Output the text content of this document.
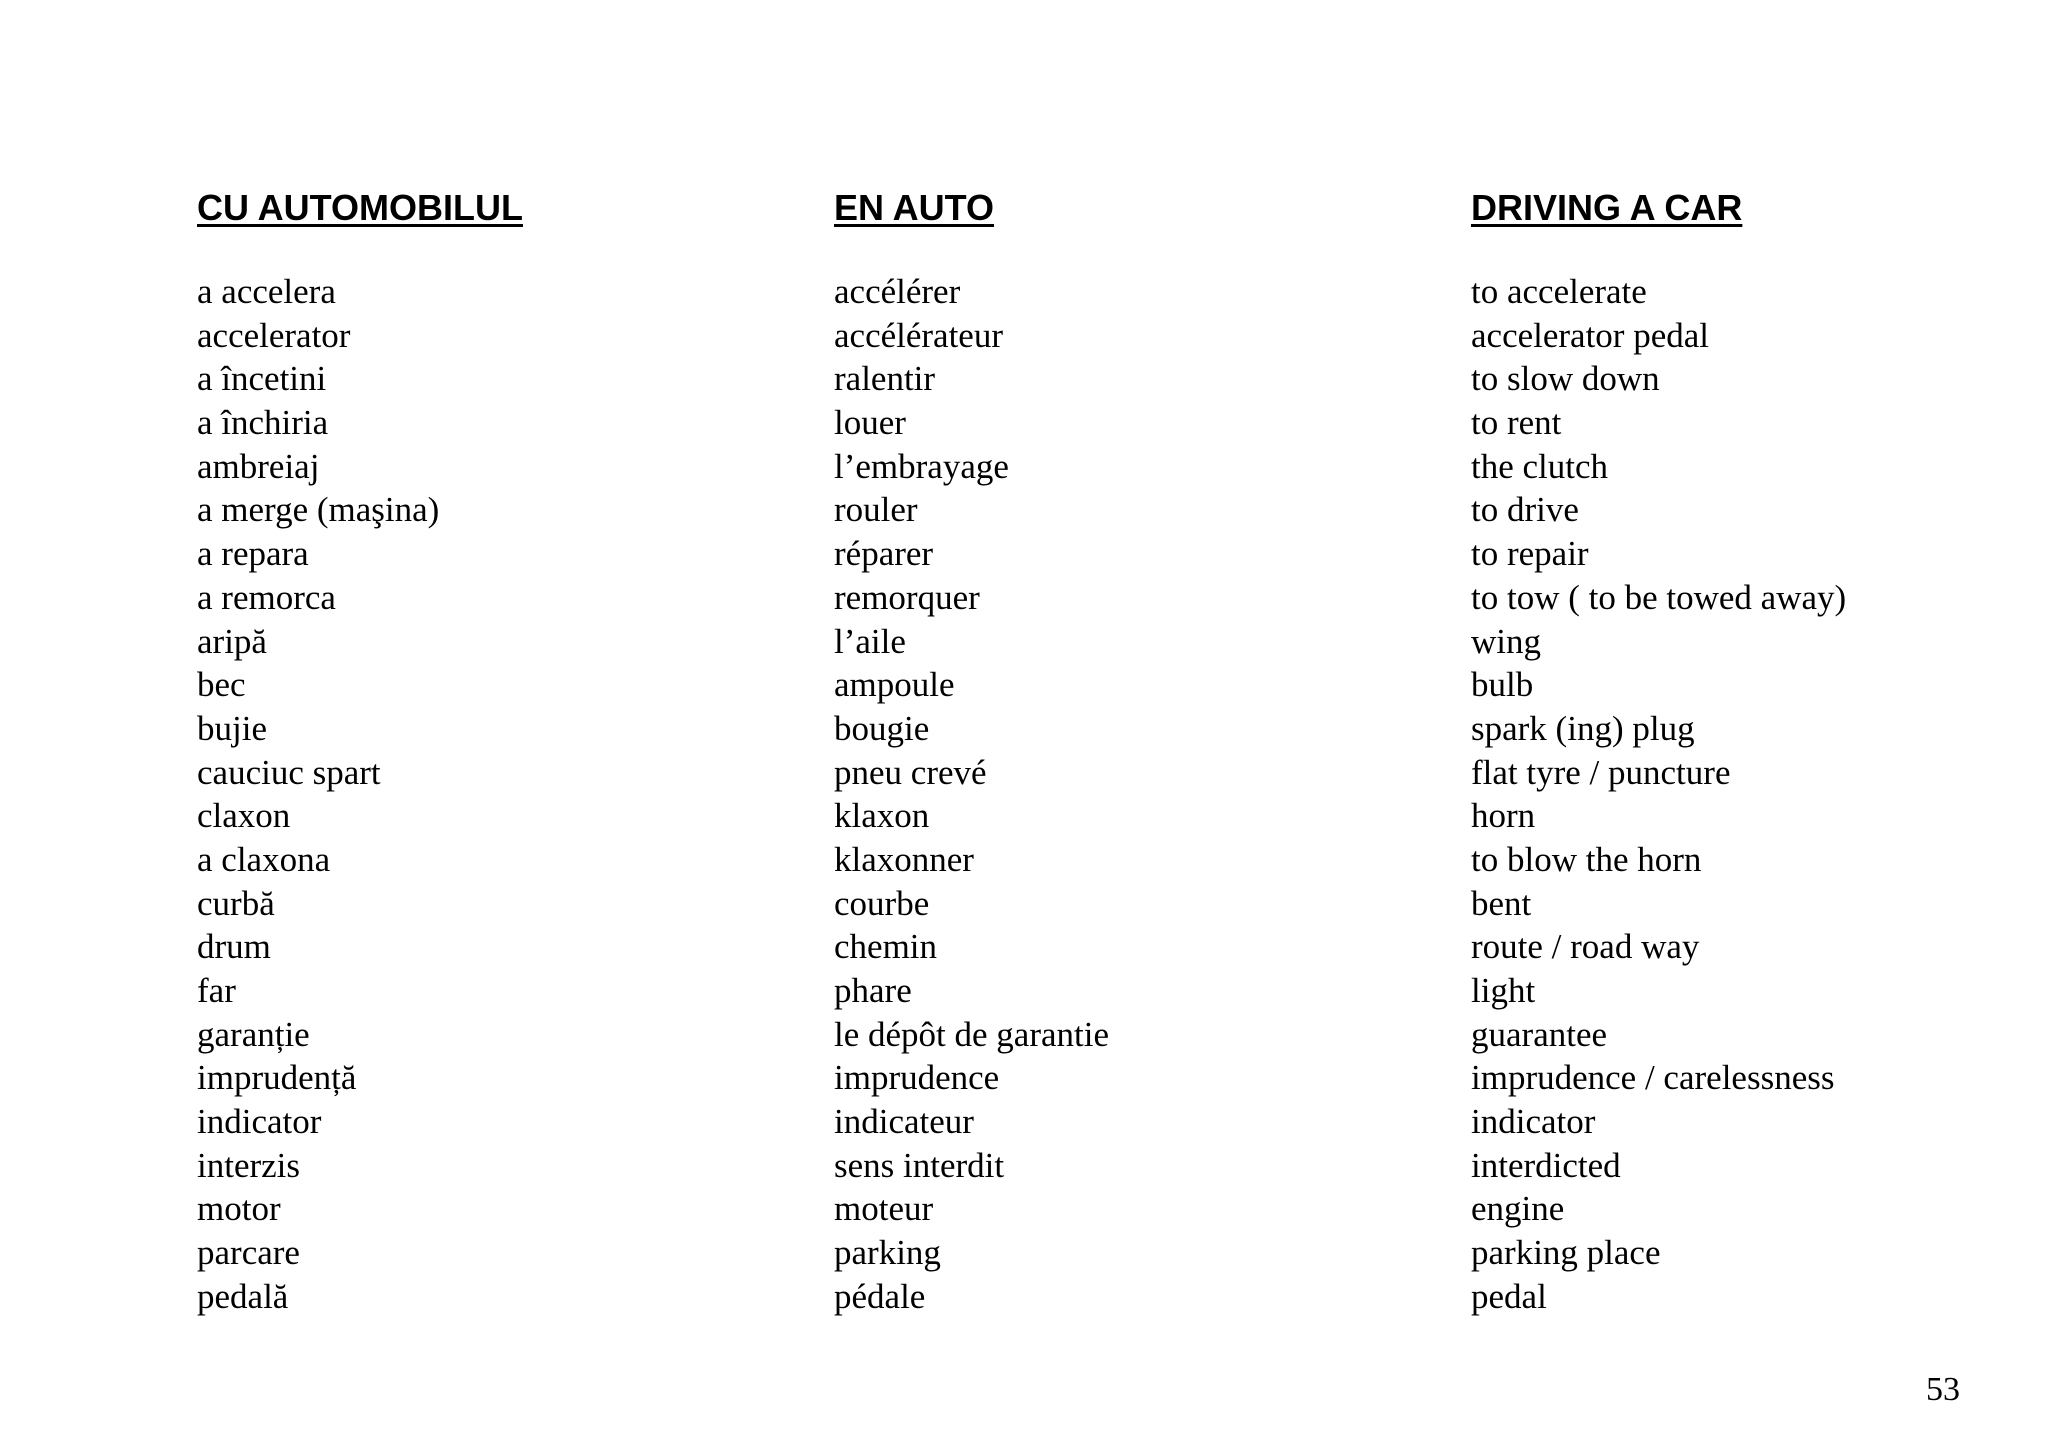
CU AUTOMOBILUL
a accelera
accelerator
a încetini
a închiria
ambreiaj
a merge (maşina)
a repara
a remorca
aripă
bec
bujie
cauciuc spart
claxon
a claxona
curbă
drum
far
garanție
imprudență
indicator
interzis
motor
parcare
pedală
EN AUTO
accélérer
accélérateur
ralentir
louer
l’embrayage
rouler
réparer
remorquer
l’aile
ampoule
bougie
pneu crevé
klaxon
klaxonner
courbe
chemin
phare
le dépôt de garantie
imprudence
indicateur
sens interdit
moteur
parking
pédale
DRIVING A CAR
to accelerate
accelerator pedal
to slow down
to rent
the clutch
to drive
to repair
to tow ( to be towed away)
wing
bulb
spark (ing) plug
flat tyre / puncture
horn
to blow the horn
bent
route / road way
light
guarantee
imprudence / carelessness
indicator
interdicted
engine
parking place
pedal
53
